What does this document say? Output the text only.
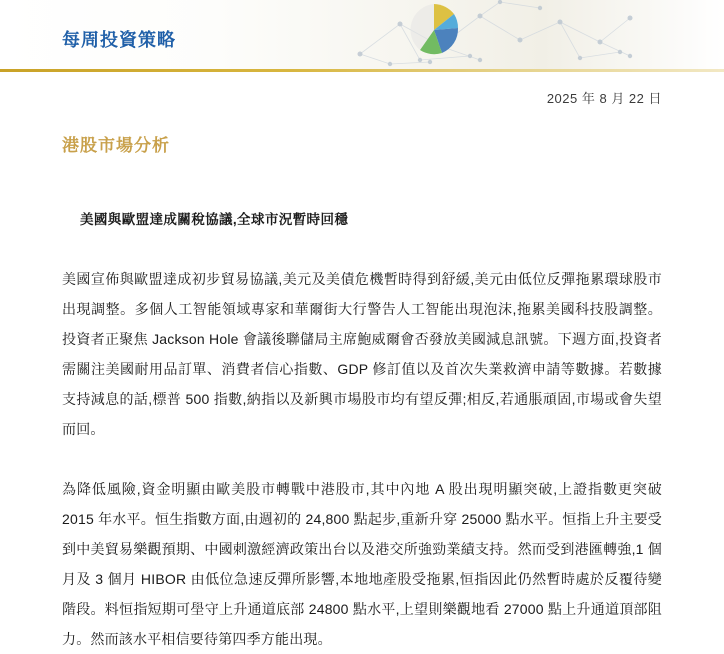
每周投資策略
2025 年 8 月 22 日
港股市場分析
美國與歐盟達成關稅協議,全球市況暫時回穩

美國宣佈與歐盟達成初步貿易協議,美元及美債危機暫時得到舒緩,美元由低位反彈拖累環球股市出現調整。多個人工智能領域專家和華爾街大行警告人工智能出現泡沫,拖累美國科技股調整。投資者正聚焦 Jackson Hole 會議後聯儲局主席鮑威爾會否發放美國減息訊號。下週方面,投資者需關注美國耐用品訂單、消費者信心指數、GDP 修訂值以及首次失業救濟申請等數據。若數據支持減息的話,標普 500 指數,納指以及新興市場股市均有望反彈;相反,若通脹頑固,市場或會失望而回。

為降低風險,資金明顯由歐美股市轉戰中港股市,其中內地 A 股出現明顯突破,上證指數更突破 2015 年水平。恒生指數方面,由週初的 24,800 點起步,重新升穿 25000 點水平。恒指上升主要受到中美貿易樂觀預期、中國刺激經濟政策出台以及港交所強勁業績支持。然而受到港匯轉強,1 個月及 3 個月 HIBOR 由低位急速反彈所影響,本地地產股受拖累,恒指因此仍然暫時處於反覆待變階段。料恒指短期可壆守上升通道底部 24800 點水平,上望則樂觀地看 27000 點上升通道頂部阻力。然而該水平相信要待第四季方能出現。
